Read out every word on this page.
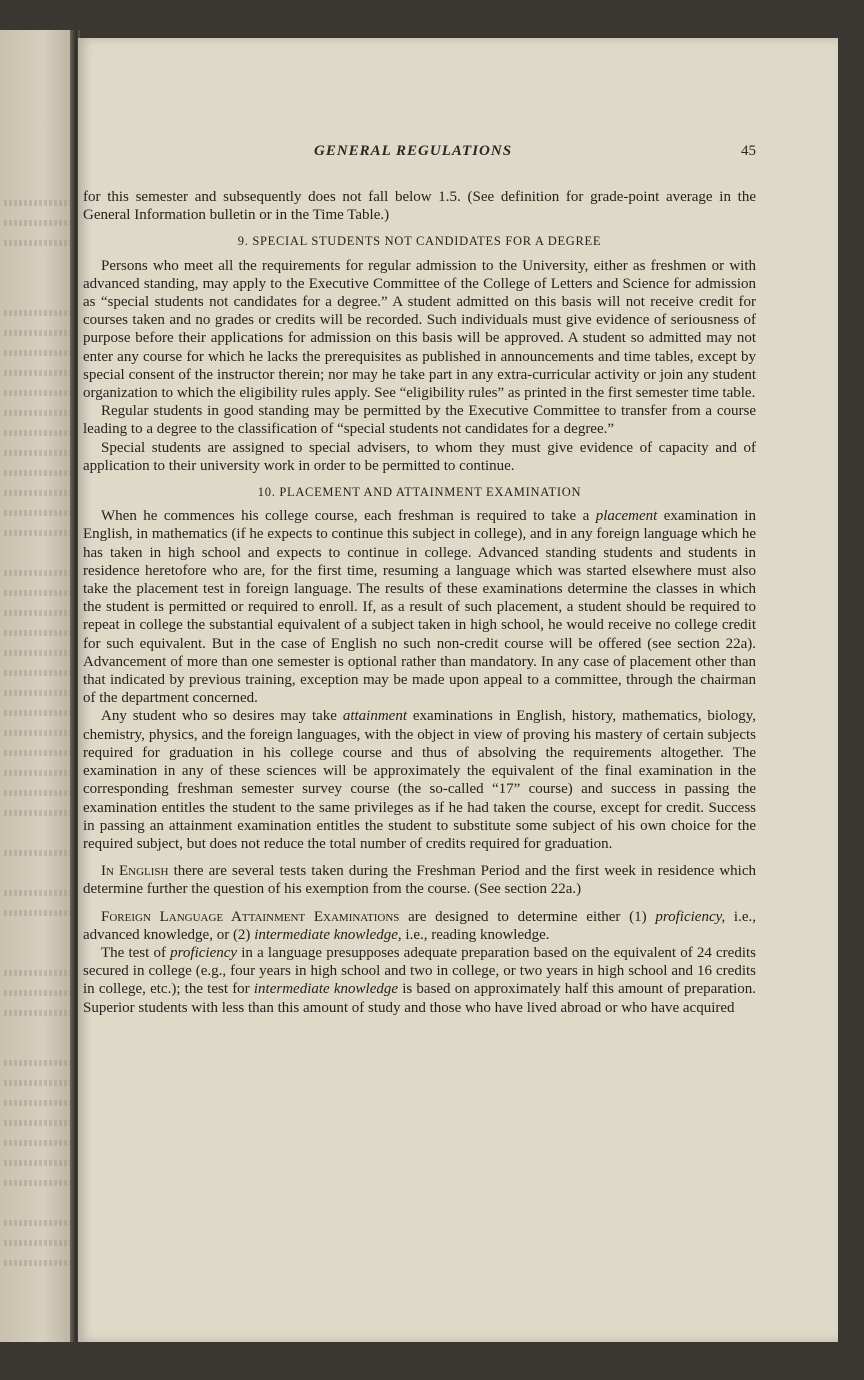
GENERAL REGULATIONS	45

for this semester and subsequently does not fall below 1.5. (See definition for grade-point average in the General Information bulletin or in the Time Table.)

9. SPECIAL STUDENTS NOT CANDIDATES FOR A DEGREE

Persons who meet all the requirements for regular admission to the University, either as freshmen or with advanced standing, may apply to the Executive Committee of the College of Letters and Science for admission as “special students not candidates for a degree.” A student admitted on this basis will not receive credit for courses taken and no grades or credits will be recorded. Such individuals must give evidence of seriousness of purpose before their applications for admission on this basis will be approved. A student so admitted may not enter any course for which he lacks the prerequisites as published in announcements and time tables, except by special consent of the instructor therein; nor may he take part in any extra-curricular activity or join any student organization to which the eligibility rules apply. See “eligibility rules” as printed in the first semester time table.

Regular students in good standing may be permitted by the Executive Committee to transfer from a course leading to a degree to the classification of “special students not candidates for a degree.”

Special students are assigned to special advisers, to whom they must give evidence of capacity and of application to their university work in order to be permitted to continue.

10. PLACEMENT AND ATTAINMENT EXAMINATION

When he commences his college course, each freshman is required to take a placement examination in English, in mathematics (if he expects to continue this subject in college), and in any foreign language which he has taken in high school and expects to continue in college. Advanced standing students and students in residence heretofore who are, for the first time, resuming a language which was started elsewhere must also take the placement test in foreign language. The results of these examinations determine the classes in which the student is permitted or required to enroll. If, as a result of such placement, a student should be required to repeat in college the substantial equivalent of a subject taken in high school, he would receive no college credit for such equivalent. But in the case of English no such non-credit course will be offered (see section 22a). Advancement of more than one semester is optional rather than mandatory. In any case of placement other than that indicated by previous training, exception may be made upon appeal to a committee, through the chairman of the department concerned.

Any student who so desires may take attainment examinations in English, history, mathematics, biology, chemistry, physics, and the foreign languages, with the object in view of proving his mastery of certain subjects required for graduation in his college course and thus of absolving the requirements altogether. The examination in any of these sciences will be approximately the equivalent of the final examination in the corresponding freshman semester survey course (the so-called “17” course) and success in passing the examination entitles the student to the same privileges as if he had taken the course, except for credit. Success in passing an attainment examination entitles the student to substitute some subject of his own choice for the required subject, but does not reduce the total number of credits required for graduation.

In English there are several tests taken during the Freshman Period and the first week in residence which determine further the question of his exemption from the course. (See section 22a.)

Foreign Language Attainment Examinations are designed to determine either (1) proficiency, i.e., advanced knowledge, or (2) intermediate knowledge, i.e., reading knowledge.

The test of proficiency in a language presupposes adequate preparation based on the equivalent of 24 credits secured in college (e.g., four years in high school and two in college, or two years in high school and 16 credits in college, etc.); the test for intermediate knowledge is based on approximately half this amount of preparation. Superior students with less than this amount of study and those who have lived abroad or who have acquired
